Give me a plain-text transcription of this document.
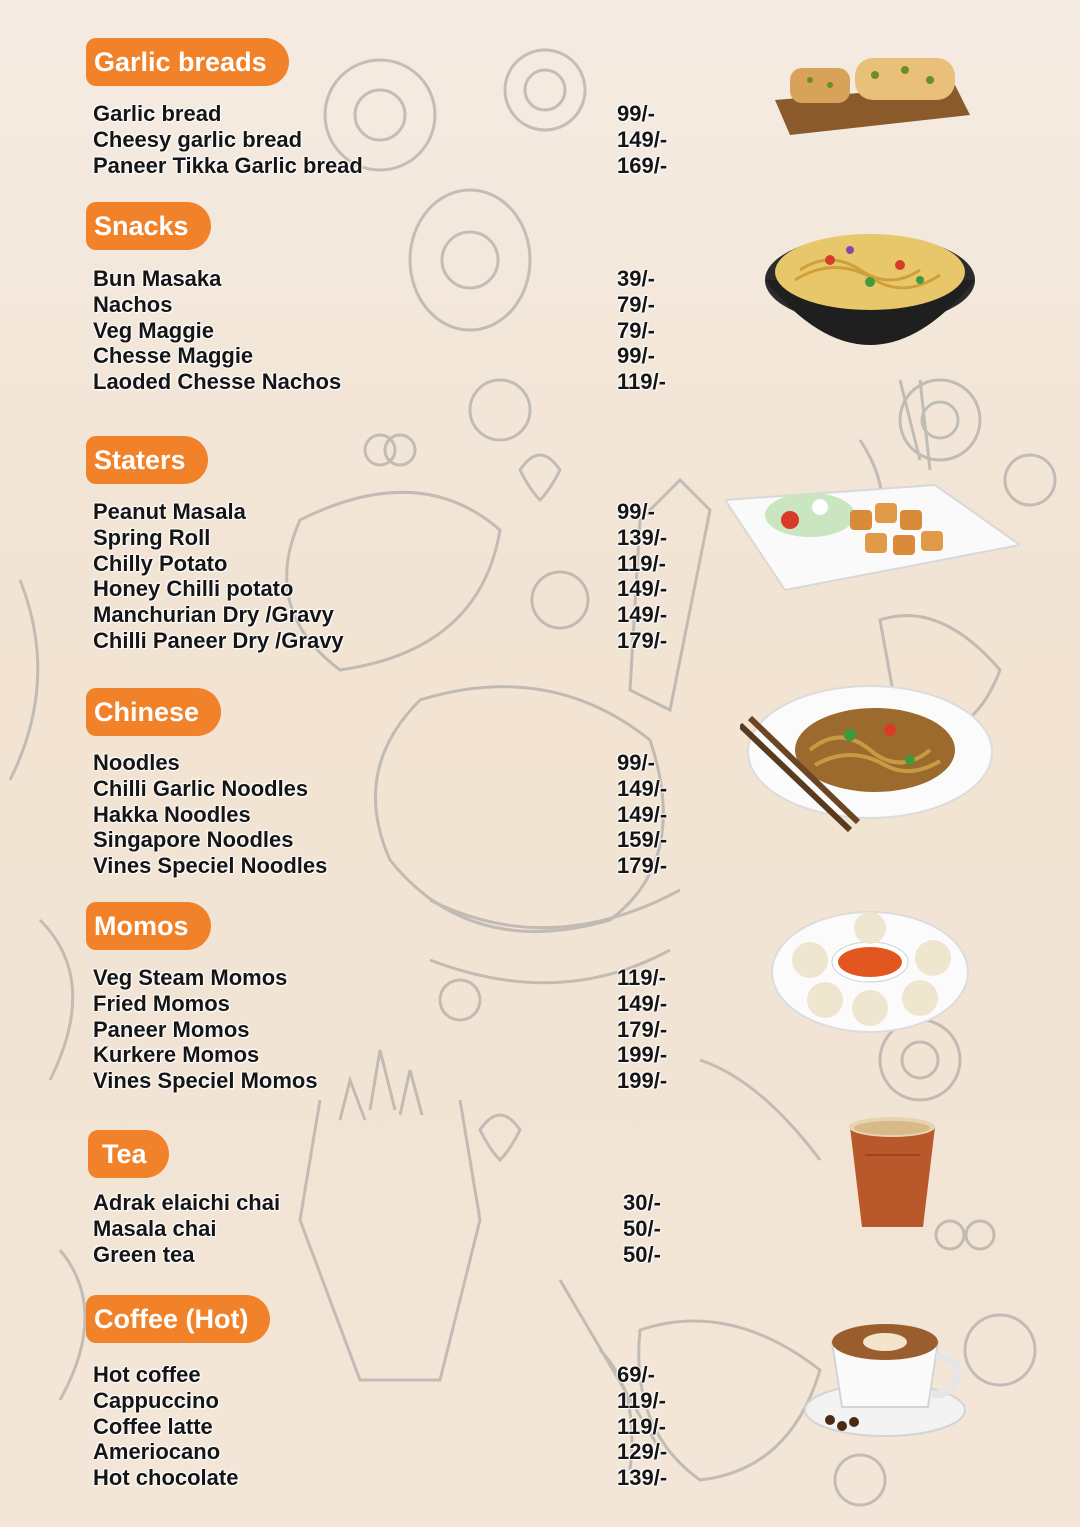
Garlic breads
Garlic bread	99/-
Cheesy garlic bread	149/-
Paneer Tikka Garlic bread	169/-
Snacks
Bun Masaka	39/-
Nachos	79/-
Veg Maggie	79/-
Chesse Maggie	99/-
Laoded Chesse Nachos	119/-
Staters
Peanut Masala	99/-
Spring Roll	139/-
Chilly Potato	119/-
Honey Chilli potato	149/-
Manchurian Dry /Gravy	149/-
Chilli Paneer Dry /Gravy	179/-
Chinese
Noodles	99/-
Chilli Garlic Noodles	149/-
Hakka Noodles	149/-
Singapore Noodles	159/-
Vines Speciel Noodles	179/-
Momos
Veg Steam Momos	119/-
Fried Momos	149/-
Paneer Momos	179/-
Kurkere Momos	199/-
Vines Speciel Momos	199/-
Tea
Adrak elaichi chai	30/-
Masala chai	50/-
Green tea	50/-
Coffee (Hot)
Hot coffee	69/-
Cappuccino	119/-
Coffee latte	119/-
Ameriocano	129/-
Hot chocolate	139/-
